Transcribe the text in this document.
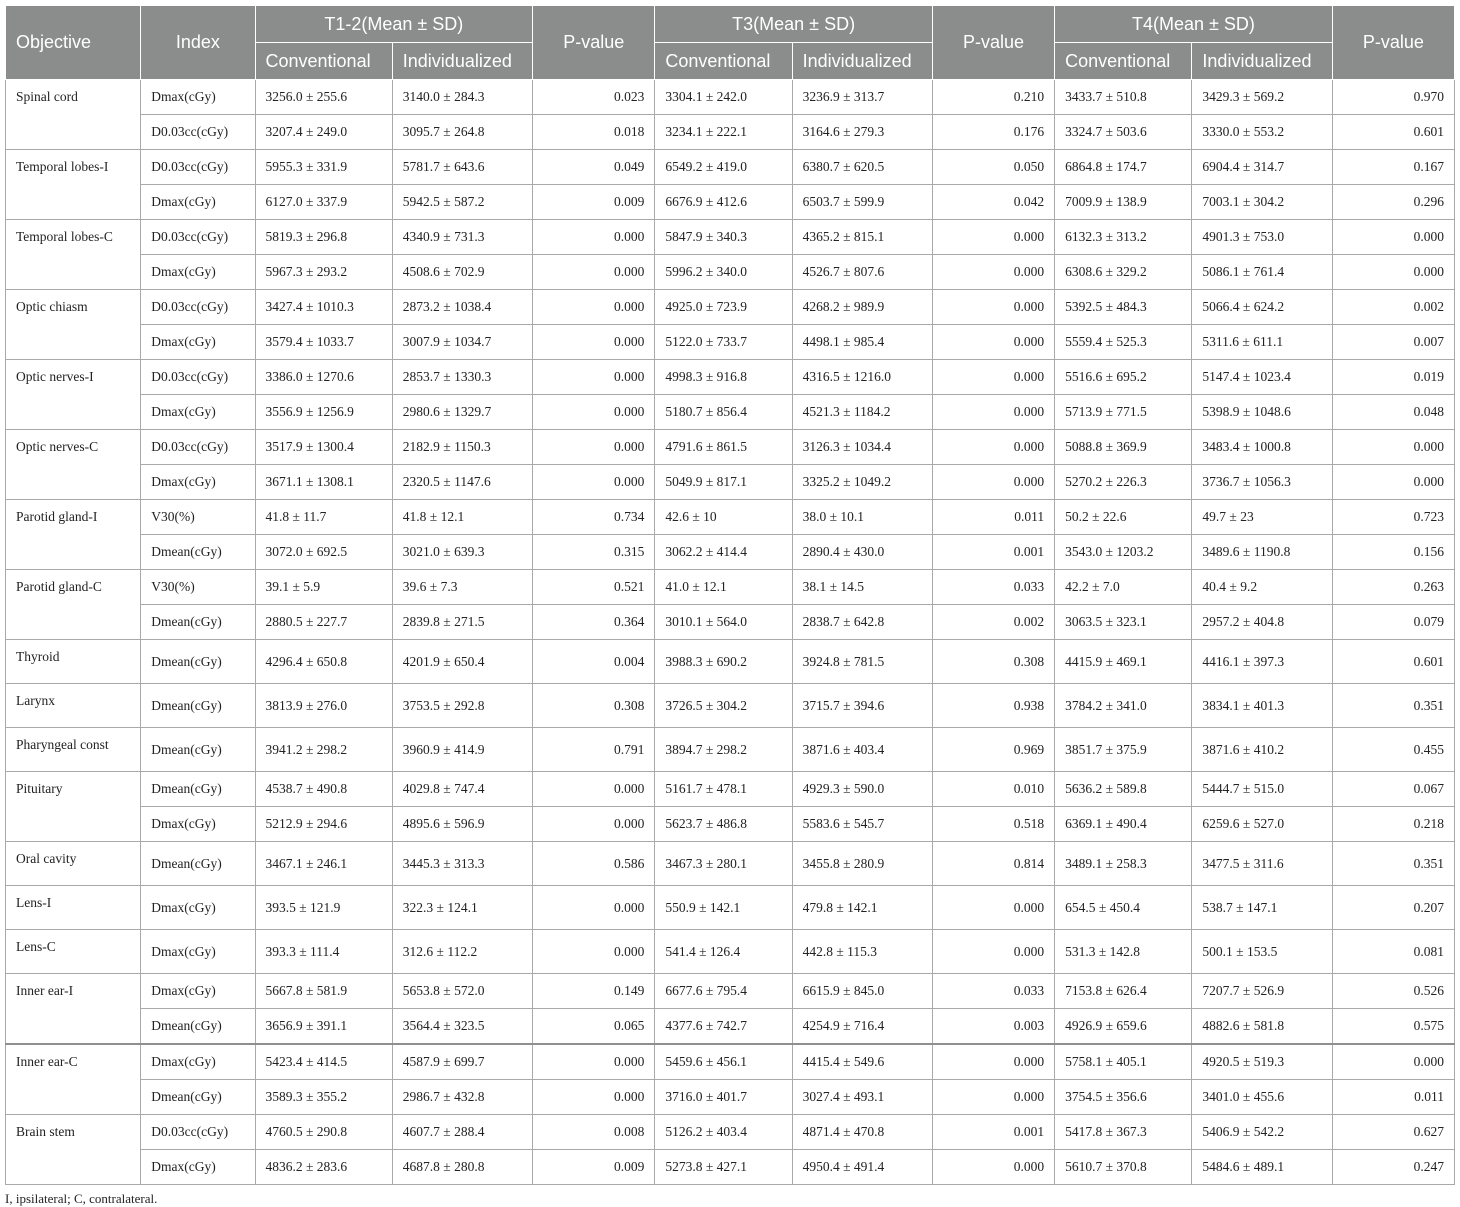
Objective	Index	T1-2(Mean ± SD)		P-value	T3(Mean ± SD)		P-value	T4(Mean ± SD)		P-value
		Conventional	Individualized		Conventional	Individualized		Conventional	Individualized	
Spinal cord	Dmax(cGy)	3256.0 ± 255.6	3140.0 ± 284.3	0.023	3304.1 ± 242.0	3236.9 ± 313.7	0.210	3433.7 ± 510.8	3429.3 ± 569.2	0.970
	D0.03cc(cGy)	3207.4 ± 249.0	3095.7 ± 264.8	0.018	3234.1 ± 222.1	3164.6 ± 279.3	0.176	3324.7 ± 503.6	3330.0 ± 553.2	0.601
Temporal lobes-I	D0.03cc(cGy)	5955.3 ± 331.9	5781.7 ± 643.6	0.049	6549.2 ± 419.0	6380.7 ± 620.5	0.050	6864.8 ± 174.7	6904.4 ± 314.7	0.167
	Dmax(cGy)	6127.0 ± 337.9	5942.5 ± 587.2	0.009	6676.9 ± 412.6	6503.7 ± 599.9	0.042	7009.9 ± 138.9	7003.1 ± 304.2	0.296
Temporal lobes-C	D0.03cc(cGy)	5819.3 ± 296.8	4340.9 ± 731.3	0.000	5847.9 ± 340.3	4365.2 ± 815.1	0.000	6132.3 ± 313.2	4901.3 ± 753.0	0.000
	Dmax(cGy)	5967.3 ± 293.2	4508.6 ± 702.9	0.000	5996.2 ± 340.0	4526.7 ± 807.6	0.000	6308.6 ± 329.2	5086.1 ± 761.4	0.000
Optic chiasm	D0.03cc(cGy)	3427.4 ± 1010.3	2873.2 ± 1038.4	0.000	4925.0 ± 723.9	4268.2 ± 989.9	0.000	5392.5 ± 484.3	5066.4 ± 624.2	0.002
	Dmax(cGy)	3579.4 ± 1033.7	3007.9 ± 1034.7	0.000	5122.0 ± 733.7	4498.1 ± 985.4	0.000	5559.4 ± 525.3	5311.6 ± 611.1	0.007
Optic nerves-I	D0.03cc(cGy)	3386.0 ± 1270.6	2853.7 ± 1330.3	0.000	4998.3 ± 916.8	4316.5 ± 1216.0	0.000	5516.6 ± 695.2	5147.4 ± 1023.4	0.019
	Dmax(cGy)	3556.9 ± 1256.9	2980.6 ± 1329.7	0.000	5180.7 ± 856.4	4521.3 ± 1184.2	0.000	5713.9 ± 771.5	5398.9 ± 1048.6	0.048
Optic nerves-C	D0.03cc(cGy)	3517.9 ± 1300.4	2182.9 ± 1150.3	0.000	4791.6 ± 861.5	3126.3 ± 1034.4	0.000	5088.8 ± 369.9	3483.4 ± 1000.8	0.000
	Dmax(cGy)	3671.1 ± 1308.1	2320.5 ± 1147.6	0.000	5049.9 ± 817.1	3325.2 ± 1049.2	0.000	5270.2 ± 226.3	3736.7 ± 1056.3	0.000
Parotid gland-I	V30(%)	41.8 ± 11.7	41.8 ± 12.1	0.734	42.6 ± 10	38.0 ± 10.1	0.011	50.2 ± 22.6	49.7 ± 23	0.723
	Dmean(cGy)	3072.0 ± 692.5	3021.0 ± 639.3	0.315	3062.2 ± 414.4	2890.4 ± 430.0	0.001	3543.0 ± 1203.2	3489.6 ± 1190.8	0.156
Parotid gland-C	V30(%)	39.1 ± 5.9	39.6 ± 7.3	0.521	41.0 ± 12.1	38.1 ± 14.5	0.033	42.2 ± 7.0	40.4 ± 9.2	0.263
	Dmean(cGy)	2880.5 ± 227.7	2839.8 ± 271.5	0.364	3010.1 ± 564.0	2838.7 ± 642.8	0.002	3063.5 ± 323.1	2957.2 ± 404.8	0.079
Thyroid	Dmean(cGy)	4296.4 ± 650.8	4201.9 ± 650.4	0.004	3988.3 ± 690.2	3924.8 ± 781.5	0.308	4415.9 ± 469.1	4416.1 ± 397.3	0.601
Larynx	Dmean(cGy)	3813.9 ± 276.0	3753.5 ± 292.8	0.308	3726.5 ± 304.2	3715.7 ± 394.6	0.938	3784.2 ± 341.0	3834.1 ± 401.3	0.351
Pharyngeal const	Dmean(cGy)	3941.2 ± 298.2	3960.9 ± 414.9	0.791	3894.7 ± 298.2	3871.6 ± 403.4	0.969	3851.7 ± 375.9	3871.6 ± 410.2	0.455
Pituitary	Dmean(cGy)	4538.7 ± 490.8	4029.8 ± 747.4	0.000	5161.7 ± 478.1	4929.3 ± 590.0	0.010	5636.2 ± 589.8	5444.7 ± 515.0	0.067
	Dmax(cGy)	5212.9 ± 294.6	4895.6 ± 596.9	0.000	5623.7 ± 486.8	5583.6 ± 545.7	0.518	6369.1 ± 490.4	6259.6 ± 527.0	0.218
Oral cavity	Dmean(cGy)	3467.1 ± 246.1	3445.3 ± 313.3	0.586	3467.3 ± 280.1	3455.8 ± 280.9	0.814	3489.1 ± 258.3	3477.5 ± 311.6	0.351
Lens-I	Dmax(cGy)	393.5 ± 121.9	322.3 ± 124.1	0.000	550.9 ± 142.1	479.8 ± 142.1	0.000	654.5 ± 450.4	538.7 ± 147.1	0.207
Lens-C	Dmax(cGy)	393.3 ± 111.4	312.6 ± 112.2	0.000	541.4 ± 126.4	442.8 ± 115.3	0.000	531.3 ± 142.8	500.1 ± 153.5	0.081
Inner ear-I	Dmax(cGy)	5667.8 ± 581.9	5653.8 ± 572.0	0.149	6677.6 ± 795.4	6615.9 ± 845.0	0.033	7153.8 ± 626.4	7207.7 ± 526.9	0.526
	Dmean(cGy)	3656.9 ± 391.1	3564.4 ± 323.5	0.065	4377.6 ± 742.7	4254.9 ± 716.4	0.003	4926.9 ± 659.6	4882.6 ± 581.8	0.575
Inner ear-C	Dmax(cGy)	5423.4 ± 414.5	4587.9 ± 699.7	0.000	5459.6 ± 456.1	4415.4 ± 549.6	0.000	5758.1 ± 405.1	4920.5 ± 519.3	0.000
	Dmean(cGy)	3589.3 ± 355.2	2986.7 ± 432.8	0.000	3716.0 ± 401.7	3027.4 ± 493.1	0.000	3754.5 ± 356.6	3401.0 ± 455.6	0.011
Brain stem	D0.03cc(cGy)	4760.5 ± 290.8	4607.7 ± 288.4	0.008	5126.2 ± 403.4	4871.4 ± 470.8	0.001	5417.8 ± 367.3	5406.9 ± 542.2	0.627
	Dmax(cGy)	4836.2 ± 283.6	4687.8 ± 280.8	0.009	5273.8 ± 427.1	4950.4 ± 491.4	0.000	5610.7 ± 370.8	5484.6 ± 489.1	0.247
I, ipsilateral; C, contralateral.
